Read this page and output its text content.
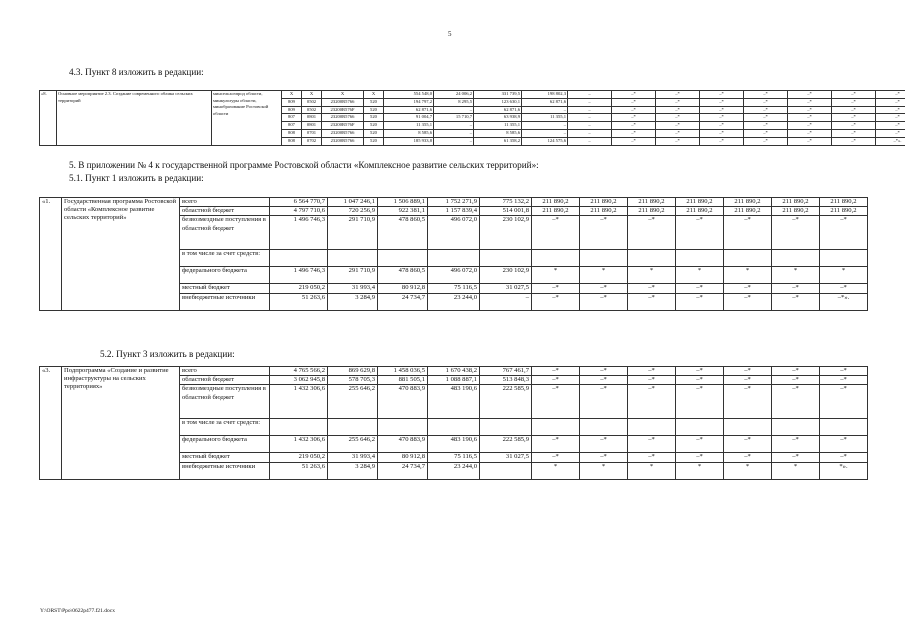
5
4.3. Пункт 8 изложить в редакции:
«8.	Основное мероприятие 2.3. Создание современного облика сельских территорий	минсельхозпрод области, минкультуры области, минобразование Ростовской области	X	X	X	X	554 548,0	24 006,2	331 739,5	198 802,3	–	–*	–*	–*	–*	–*	–*	–*
			809	0502	23200R5766	520	194 797,2	8 295,5	123 630,1	62 871,6	–	–*	–*	–*	–*	–*	–*	–*
			809	0502	23200R576F	520	62 871,6	–	62 871,6	–	–	–*	–*	–*	–*	–*	–*	–*
			807	0801	23200R5766	520	91 004,7	15 710,7	63 938,9	11 355,1	–	–*	–*	–*	–*	–*	–*	–*
			807	0801	23200R576F	520	11 355,1	–	11 355,1	–	–	–*	–*	–*	–*	–*	–*	–*
			808	0701	23200R5766	520	8 585,6	–	8 585,6	–	–	–*	–*	–*	–*	–*	–*	–*
			808	0702	23200R5766	520	185 933,8	–	61 358,2	124 575,6	–	–*	–*	–*	–*	–*	–*	–*».
5. В приложении № 4 к государственной программе Ростовской области «Комплексное развитие сельских территорий»:
5.1. Пункт 1 изложить в редакции:
«1.	Государственная программа Ростовской области «Комплексное развитие сельских территорий»	всего	6 564 770,7	1 047 246,1	1 506 889,1	1 752 271,9	775 132,2	211 890,2	211 890,2	211 890,2	211 890,2	211 890,2	211 890,2	211 890,2
		областной бюджет	4 797 710,6	720 256,9	922 381,1	1 157 839,4	514 001,8	211 890,2	211 890,2	211 890,2	211 890,2	211 890,2	211 890,2	211 890,2
		безвозмездные поступления в областной бюджет	1 496 746,3	291 710,9	478 860,5	496 072,0	230 102,9	–*	–*	–*	–*	–*	–*	–*
		в том числе за счет средств:												
		федерального бюджета	1 496 746,3	291 710,9	478 860,5	496 072,0	230 102,9	*	*	*	*	*	*	*
		местный бюджет	219 050,2	31 993,4	80 912,8	75 116,5	31 027,5	–*	–*	–*	–*	–*	–*	–*
		внебюджетные источники	51 263,6	3 284,9	24 734,7	23 244,0	–	–*	–*	–*	–*	–*	–*	–*».
5.2. Пункт 3 изложить в редакции:
«3.	Подпрограмма «Создание и развитие инфраструктуры на сельских территориях»	всего	4 765 566,2	869 629,8	1 458 036,5	1 670 438,2	767 461,7	–*	–*	–*	–*	–*	–*	–*
		областной бюджет	3 062 945,8	578 705,3	881 505,1	1 088 887,1	513 848,3	–*	–*	–*	–*	–*	–*	–*
		безвозмездные поступления в областной бюджет	1 432 306,6	255 646,2	470 883,9	483 190,6	222 585,9	–*	–*	–*	–*	–*	–*	–*
		в том числе за счет средств:												
		федерального бюджета	1 432 306,6	255 646,2	470 883,9	483 190,6	222 585,9	–*	–*	–*	–*	–*	–*	–*
		местный бюджет	219 050,2	31 993,4	80 912,8	75 116,5	31 027,5	–*	–*	–*	–*	–*	–*	–*
		внебюджетные источники	51 263,6	3 284,9	24 734,7	23 244,0		*	*	*	*	*	*	*».
Y:\ORST\Ppo\0622p477.f21.docx
